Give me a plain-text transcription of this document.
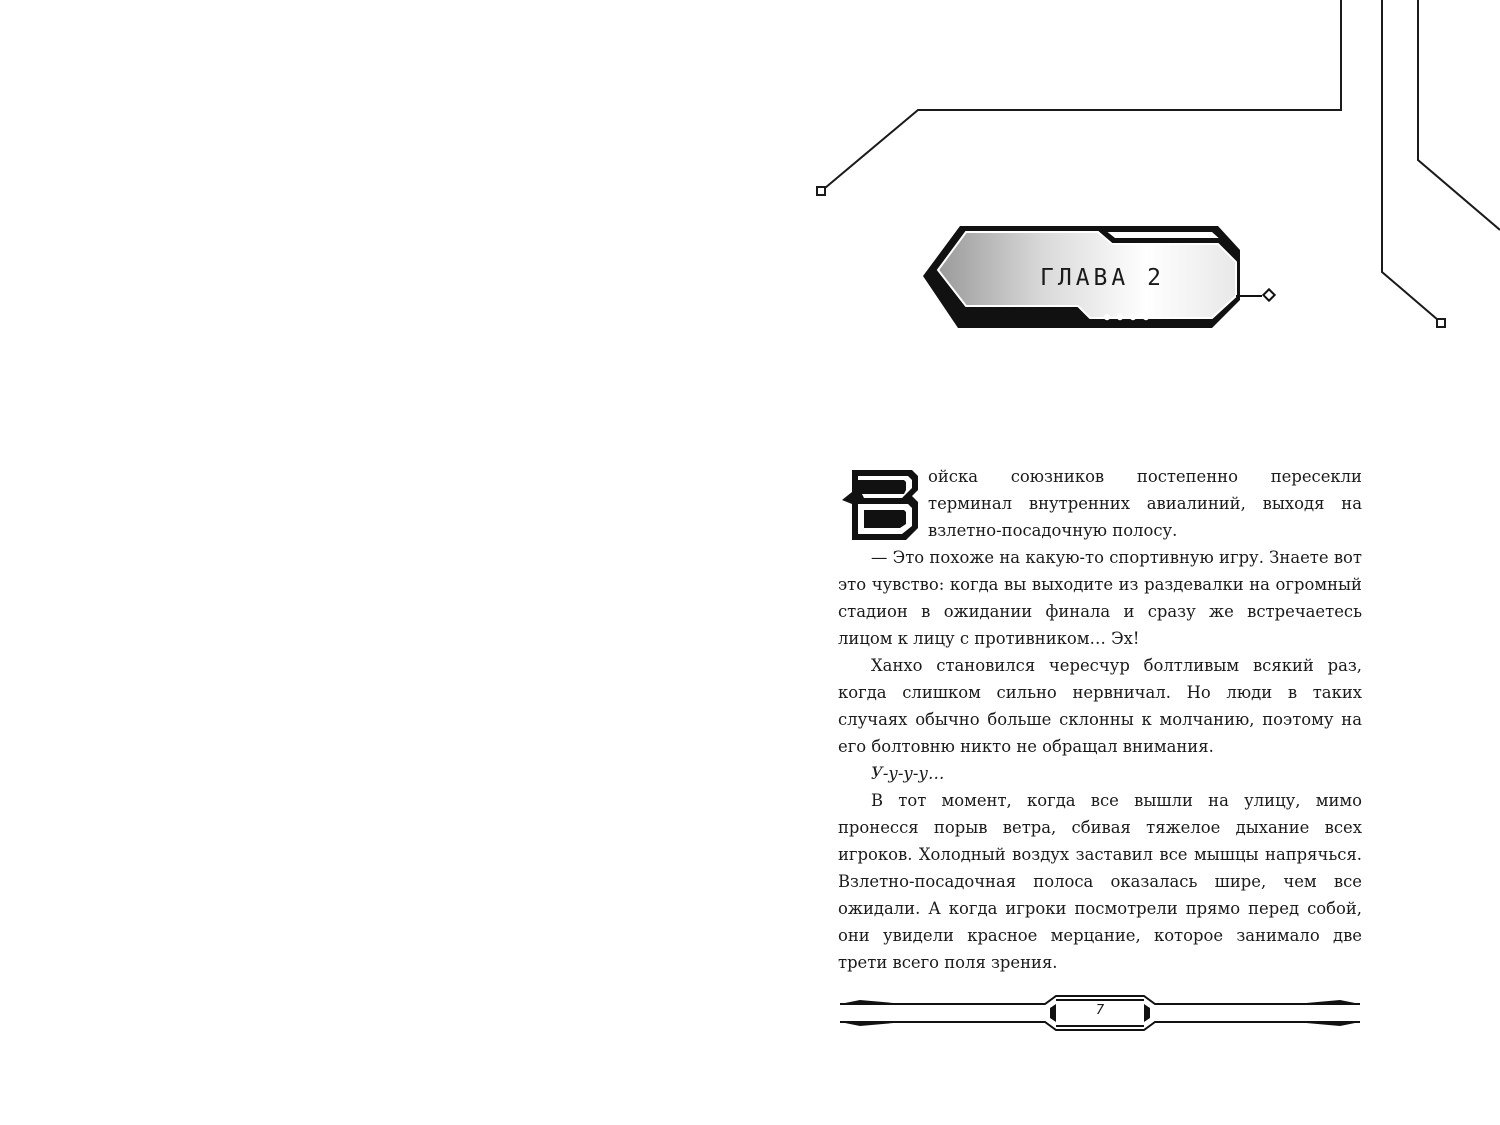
ГЛАВА 2

ойска союзников постепенно пересекли терминал внутренних авиалиний, выходя на взлетно-посадочную полосу.

— Это похоже на какую-то спортивную игру. Знаете вот это чувство: когда вы выходите из раздевалки на огромный стадион в ожидании финала и сразу же встречаетесь лицом к лицу с противником… Эх!

Ханхо становился чересчур болтливым всякий раз, когда слишком сильно нервничал. Но люди в таких случаях обычно больше склонны к молчанию, поэтому на его болтовню никто не обращал внимания.

У-у-у-у…

В тот момент, когда все вышли на улицу, мимо пронесся порыв ветра, сбивая тяжелое дыхание всех игроков. Холодный воздух заставил все мышцы напрячься. Взлетно-посадочная полоса оказалась шире, чем все ожидали. А когда игроки посмотрели прямо перед собой, они увидели красное мерцание, которое занимало две трети всего поля зрения.

7
